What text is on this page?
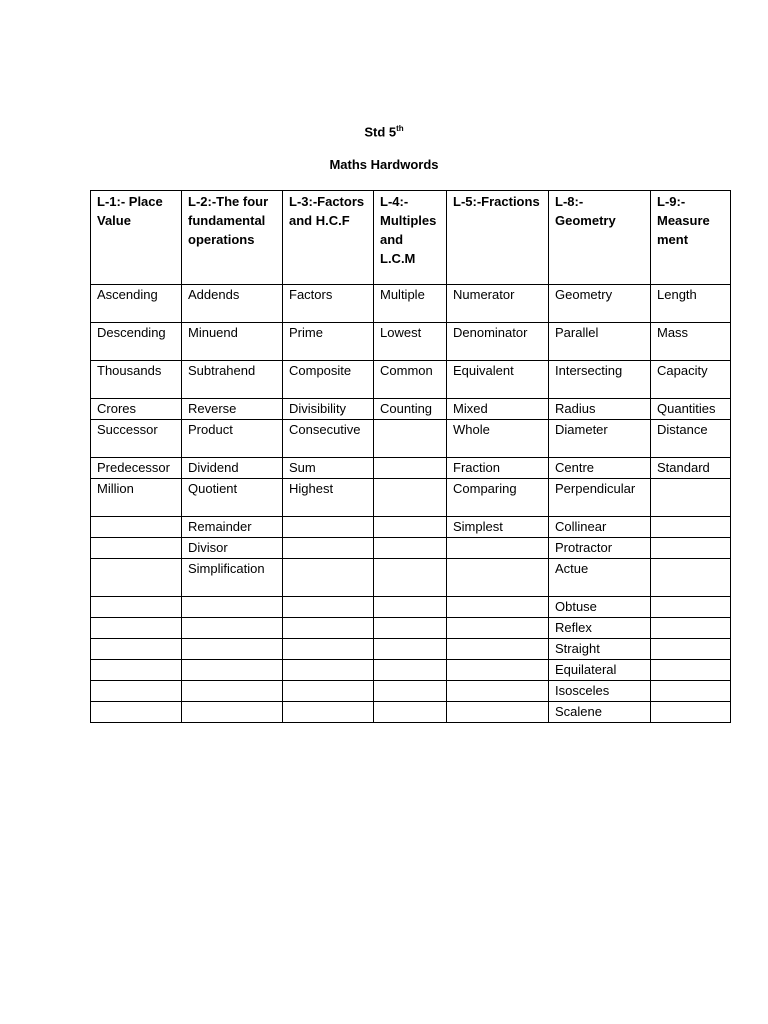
Std 5th
Maths Hardwords
L-1:- Place Value	L-2:-The four fundamental operations	L-3:-Factors and H.C.F	L-4:- Multiples and L.C.M	L-5:-Fractions	L-8:- Geometry	L-9:- Measure ment
Ascending	Addends	Factors	Multiple	Numerator	Geometry	Length
Descending	Minuend	Prime	Lowest	Denominator	Parallel	Mass
Thousands	Subtrahend	Composite	Common	Equivalent	Intersecting	Capacity
Crores	Reverse	Divisibility	Counting	Mixed	Radius	Quantities
Successor	Product	Consecutive		Whole	Diameter	Distance
Predecessor	Dividend	Sum		Fraction	Centre	Standard
Million	Quotient	Highest		Comparing	Perpendicular	
	Remainder			Simplest	Collinear	
	Divisor				Protractor	
	Simplification				Actue	
					Obtuse	
					Reflex	
					Straight	
					Equilateral	
					Isosceles	
					Scalene	
